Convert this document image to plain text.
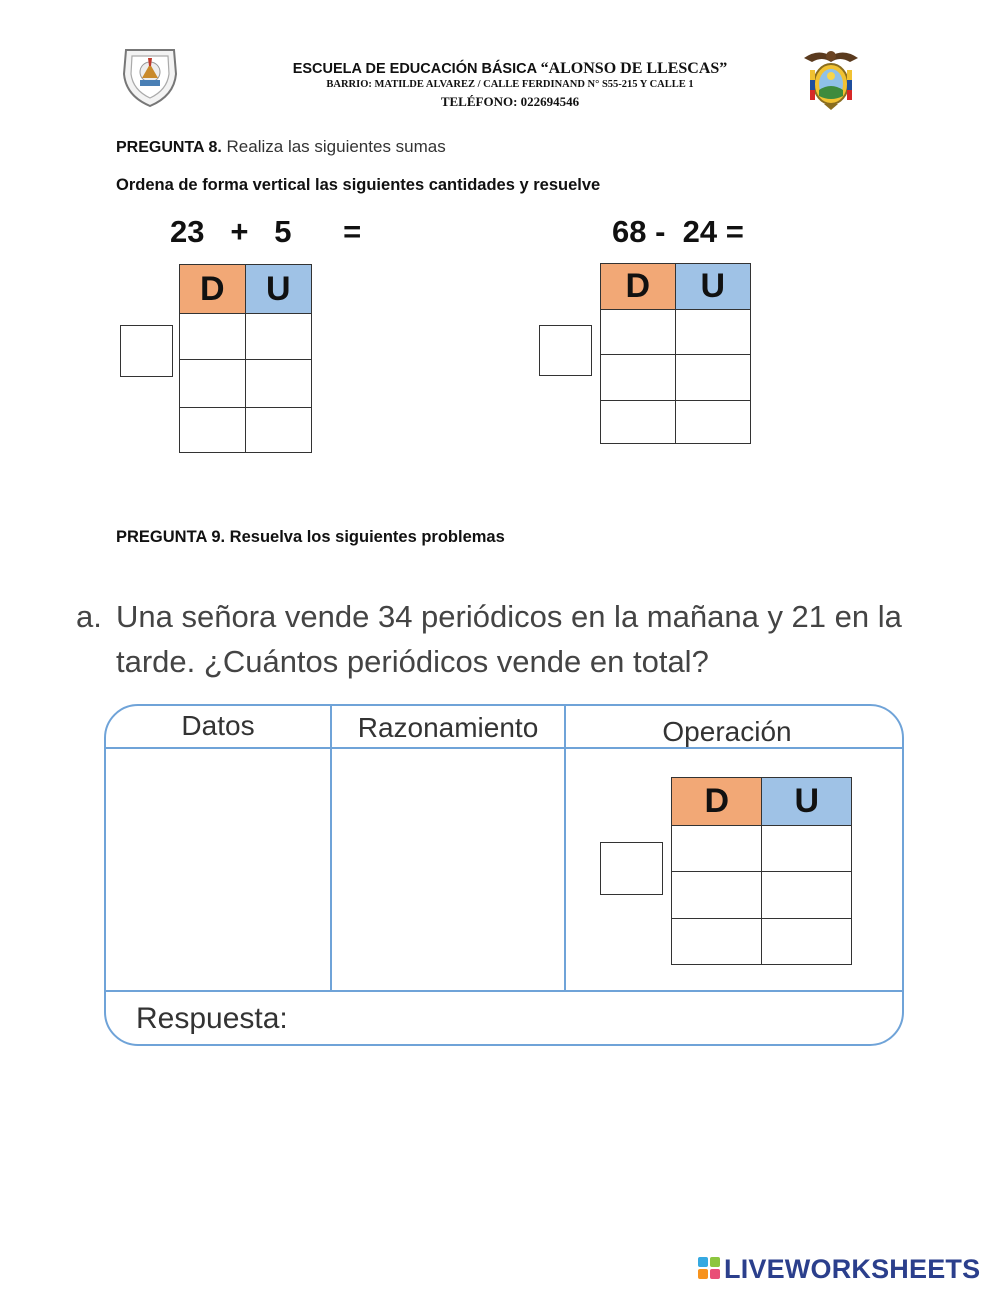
ESCUELA DE EDUCACIÓN BÁSICA “ALONSO DE LLESCAS”
BARRIO: MATILDE ALVAREZ / CALLE FERDINAND N° S55-215 Y CALLE 1
TELÉFONO: 022694546
PREGUNTA 8. Realiza las siguientes sumas
Ordena de forma vertical las siguientes cantidades y resuelve
23   +   5      =	68 -  24 =
D	U

		D	U

PREGUNTA 9. Resuelva los siguientes problemas
a. Una señora vende 34 periódicos en la mañana y 21 en la
tarde. ¿Cuántos periódicos vende en total?
Datos	Razonamiento	Operación
D	U

Respuesta:
LIVEWORKSHEETS
